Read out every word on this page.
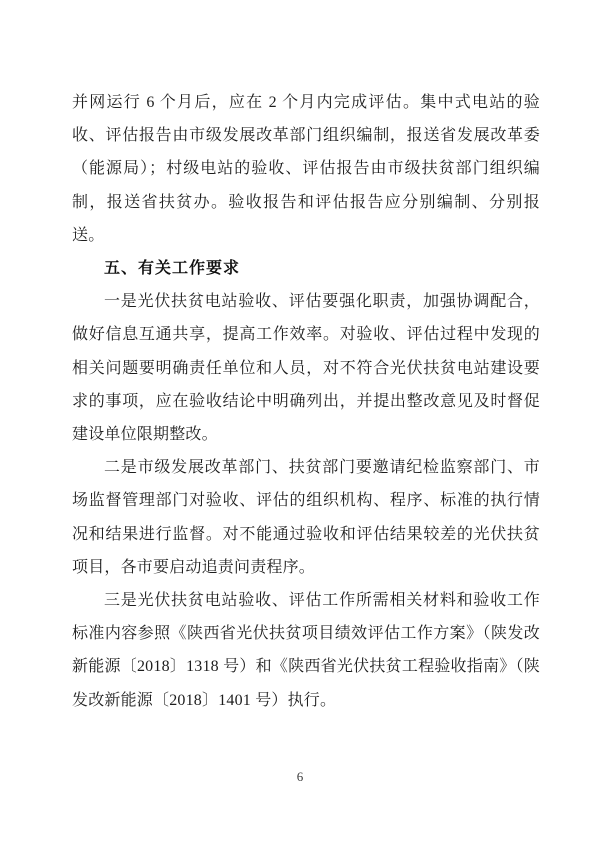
并网运行 6 个月后，应在 2 个月内完成评估。集中式电站的验收、评估报告由市级发展改革部门组织编制，报送省发展改革委（能源局）；村级电站的验收、评估报告由市级扶贫部门组织编制，报送省扶贫办。验收报告和评估报告应分别编制、分别报送。

五、有关工作要求

一是光伏扶贫电站验收、评估要强化职责，加强协调配合，做好信息互通共享，提高工作效率。对验收、评估过程中发现的相关问题要明确责任单位和人员，对不符合光伏扶贫电站建设要求的事项，应在验收结论中明确列出，并提出整改意见及时督促建设单位限期整改。

二是市级发展改革部门、扶贫部门要邀请纪检监察部门、市场监督管理部门对验收、评估的组织机构、程序、标准的执行情况和结果进行监督。对不能通过验收和评估结果较差的光伏扶贫项目，各市要启动追责问责程序。

三是光伏扶贫电站验收、评估工作所需相关材料和验收工作标准内容参照《陕西省光伏扶贫项目绩效评估工作方案》（陕发改新能源〔2018〕1318 号）和《陕西省光伏扶贫工程验收指南》（陕发改新能源〔2018〕1401 号）执行。

6
